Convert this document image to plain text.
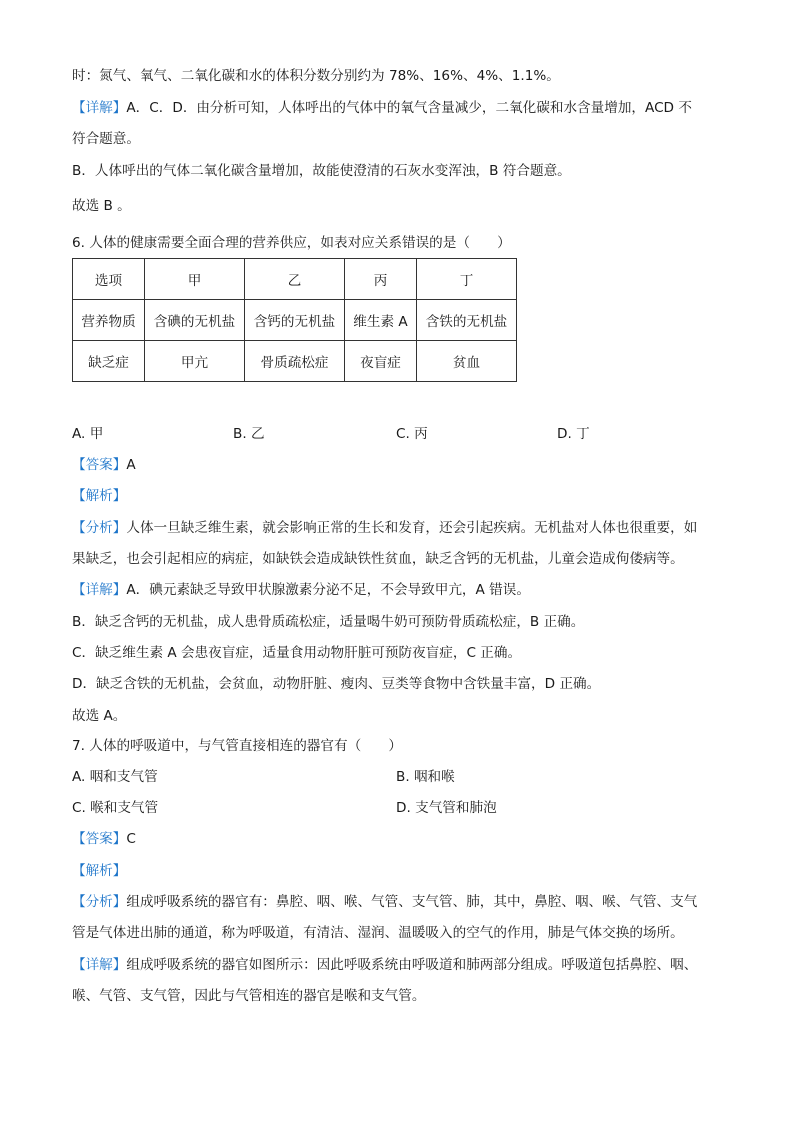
时：氮气、氧气、二氧化碳和水的体积分数分别约为 78%、16%、4%、1.1%。
【详解】A．C．D．由分析可知，人体呼出的气体中的氧气含量减少，二氧化碳和水含量增加，ACD 不
符合题意。
B．人体呼出的气体二氧化碳含量增加，故能使澄清的石灰水变浑浊，B 符合题意。
故选 B 。
6. 人体的健康需要全面合理的营养供应，如表对应关系错误的是（　　）
选项	甲	乙	丙	丁
营养物质	含碘的无机盐	含钙的无机盐	维生素 A	含铁的无机盐
缺乏症	甲亢	骨质疏松症	夜盲症	贫血
A. 甲	B. 乙	C. 丙	D. 丁
【答案】A
【解析】
【分析】人体一旦缺乏维生素，就会影响正常的生长和发育，还会引起疾病。无机盐对人体也很重要，如
果缺乏，也会引起相应的病症，如缺铁会造成缺铁性贫血，缺乏含钙的无机盐，儿童会造成佝偻病等。
【详解】A．碘元素缺乏导致甲状腺激素分泌不足，不会导致甲亢，A 错误。
B．缺乏含钙的无机盐，成人患骨质疏松症，适量喝牛奶可预防骨质疏松症，B 正确。
C．缺乏维生素 A 会患夜盲症，适量食用动物肝脏可预防夜盲症，C 正确。
D．缺乏含铁的无机盐，会贫血，动物肝脏、瘦肉、豆类等食物中含铁量丰富，D 正确。
故选 A。
7. 人体的呼吸道中，与气管直接相连的器官有（　　）
A. 咽和支气管	B. 咽和喉
C. 喉和支气管	D. 支气管和肺泡
【答案】C
【解析】
【分析】组成呼吸系统的器官有：鼻腔、咽、喉、气管、支气管、肺，其中，鼻腔、咽、喉、气管、支气
管是气体进出肺的通道，称为呼吸道，有清洁、湿润、温暖吸入的空气的作用，肺是气体交换的场所。
【详解】组成呼吸系统的器官如图所示：因此呼吸系统由呼吸道和肺两部分组成。呼吸道包括鼻腔、咽、
喉、气管、支气管，因此与气管相连的器官是喉和支气管。
